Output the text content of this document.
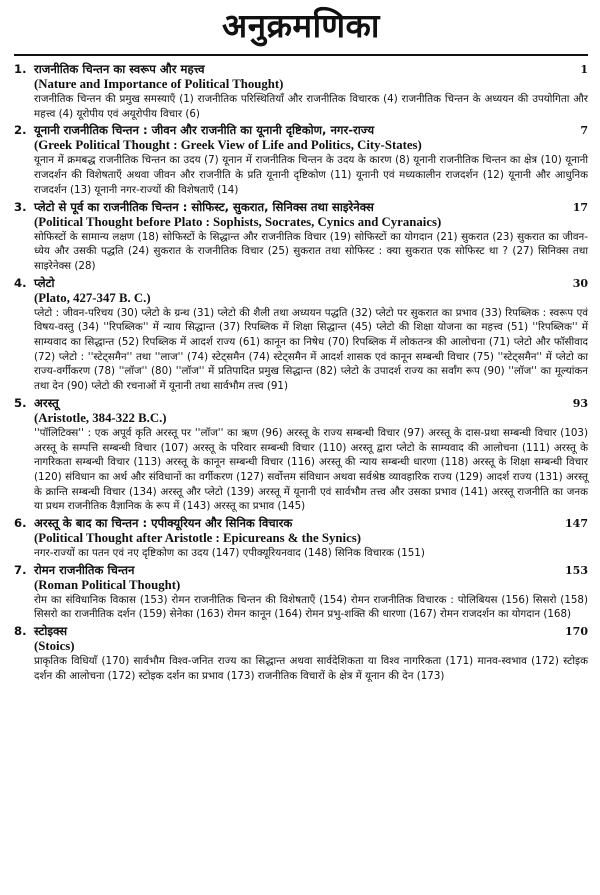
अनुक्रमणिका
1. राजनीतिक चिन्तन का स्वरूप और महत्त्व	1
(Nature and Importance of Political Thought)
राजनीतिक चिन्तन की प्रमुख समस्याएँ (1) राजनीतिक परिस्थितियाँ और राजनीतिक विचारक (4) राजनीतिक चिन्तन के अध्ययन की उपयोगिता और महत्त्व (4) यूरोपीय एवं अयूरोपीय विचार (6)
2. यूनानी राजनीतिक चिन्तन : जीवन और राजनीति का यूनानी दृष्टिकोण, नगर-राज्य	7
(Greek Political Thought : Greek View of Life and Politics, City-States)
यूनान में क्रमबद्ध राजनीतिक चिन्तन का उदय (7) यूनान में राजनीतिक चिन्तन के उदय के कारण (8) यूनानी राजनीतिक चिन्तन का क्षेत्र (10) यूनानी राजदर्शन की विशेषताएँ अथवा जीवन और राजनीति के प्रति यूनानी दृष्टिकोण (11) यूनानी एवं मध्यकालीन राजदर्शन (12) यूनानी और आधुनिक राजदर्शन (13) यूनानी नगर-राज्यों की विशेषताएँ (14)
3. प्लेटो से पूर्व का राजनीतिक चिन्तन : सोफिस्ट, सुकरात, सिनिक्स तथा साइरेनेक्स	17
(Political Thought before Plato : Sophists, Socrates, Cynics and Cyranaics)
सोफिस्टों के सामान्य लक्षण (18) सोफिस्टों के सिद्धान्त और राजनीतिक विचार (19) सोफिस्टों का योगदान (21) सुकरात (23) सुकरात का जीवन-ध्येय और उसकी पद्धति (24) सुकरात के राजनीतिक विचार (25) सुकरात तथा सोफिस्ट : क्या सुकरात एक सोफिस्ट था ? (27) सिनिक्स तथा साइरेनेक्स (28)
4. प्लेटो	30
(Plato, 427-347 B. C.)
प्लेटो : जीवन-परिचय (30) प्लेटो के ग्रन्थ (31) प्लेटो की शैली तथा अध्ययन पद्धति (32) प्लेटो पर सुकरात का प्रभाव (33) रिपब्लिक : स्वरूप एवं विषय-वस्तु (34) ''रिपब्लिक'' में न्याय सिद्धान्त (37) रिपब्लिक में शिक्षा सिद्धान्त (45) प्लेटो की शिक्षा योजना का महत्त्व (51) ''रिपब्लिक'' में साम्यवाद का सिद्धान्त (52) रिपब्लिक में आदर्श राज्य (61) कानून का निषेध (70) रिपब्लिक में लोकतन्त्र की आलोचना (71) प्लेटो और फॉसीवाद (72) प्लेटो : ''स्टेट्समैन'' तथा ''लाज'' (74) स्टेट्समैन (74) स्टेट्समैन में आदर्श शासक एवं कानून सम्बन्धी विचार (75) ''स्टेट्समैन'' में प्लेटो का राज्य-वर्गीकरण (78) ''लॉज'' (80) ''लॉज'' में प्रतिपादित प्रमुख सिद्धान्त (82) प्लेटो के उपादर्श राज्य का सर्वांग रूप (90) ''लॉज'' का मूल्यांकन तथा देन (90) प्लेटो की रचनाओं में यूनानी तथा सार्वभौम तत्त्व (91)
5. अरस्तू	93
(Aristotle, 384-322 B.C.)
''पॉलिटिक्स'' : एक अपूर्व कृति अरस्तू पर ''लॉज'' का ऋण (96) अरस्तू के राज्य सम्बन्धी विचार (97) अरस्तू के दास-प्रथा सम्बन्धी विचार (103) अरस्तू के सम्पत्ति सम्बन्धी विचार (107) अरस्तू के परिवार सम्बन्धी विचार (110) अरस्तू द्वारा प्लेटो के साम्यवाद की आलोचना (111) अरस्तू के नागरिकता सम्बन्धी विचार (113) अरस्तू के कानून सम्बन्धी विचार (116) अरस्तू की न्याय सम्बन्धी धारणा (118) अरस्तू के शिक्षा सम्बन्धी विचार (120) संविधान का अर्थ और संविधानों का वर्गीकरण (127) सर्वोत्तम संविधान अथवा सर्वश्रेष्ठ व्यावहारिक राज्य (129) आदर्श राज्य (131) अरस्तू के क्रान्ति सम्बन्धी विचार (134) अरस्तू और प्लेटो (139) अरस्तू में यूनानी एवं सार्वभौम तत्त्व और उसका प्रभाव (141) अरस्तू राजनीति का जनक या प्रथम राजनीतिक वैज्ञानिक के रूप में (143) अरस्तू का प्रभाव (145)
6. अरस्तू के बाद का चिन्तन : एपीक्यूरियन और सिनिक विचारक	147
(Political Thought after Aristotle : Epicureans & the Synics)
नगर-राज्यों का पतन एवं नए दृष्टिकोण का उदय (147) एपीक्यूरियनवाद (148) सिनिक विचारक (151)
7. रोमन राजनीतिक चिन्तन	153
(Roman Political Thought)
रोम का संविधानिक विकास (153) रोमन राजनीतिक चिन्तन की विशेषताएँ (154) रोमन राजनीतिक विचारक : पोलिबियस (156) सिसरो (158) सिसरो का राजनीतिक दर्शन (159) सेनेका (163) रोमन कानून (164) रोमन प्रभु-शक्ति की धारणा (167) रोमन राजदर्शन का योगदान (168)
8. स्टोइक्स	170
(Stoics)
प्राकृतिक विधियाँ (170) सार्वभौम विश्व-जनित राज्य का सिद्धान्त अथवा सार्वदेशिकता या विश्व नागरिकता (171) मानव-स्वभाव (172) स्टोइक दर्शन की आलोचना (172) स्टोइक दर्शन का प्रभाव (173) राजनीतिक विचारों के क्षेत्र में यूनान की देन (173)
